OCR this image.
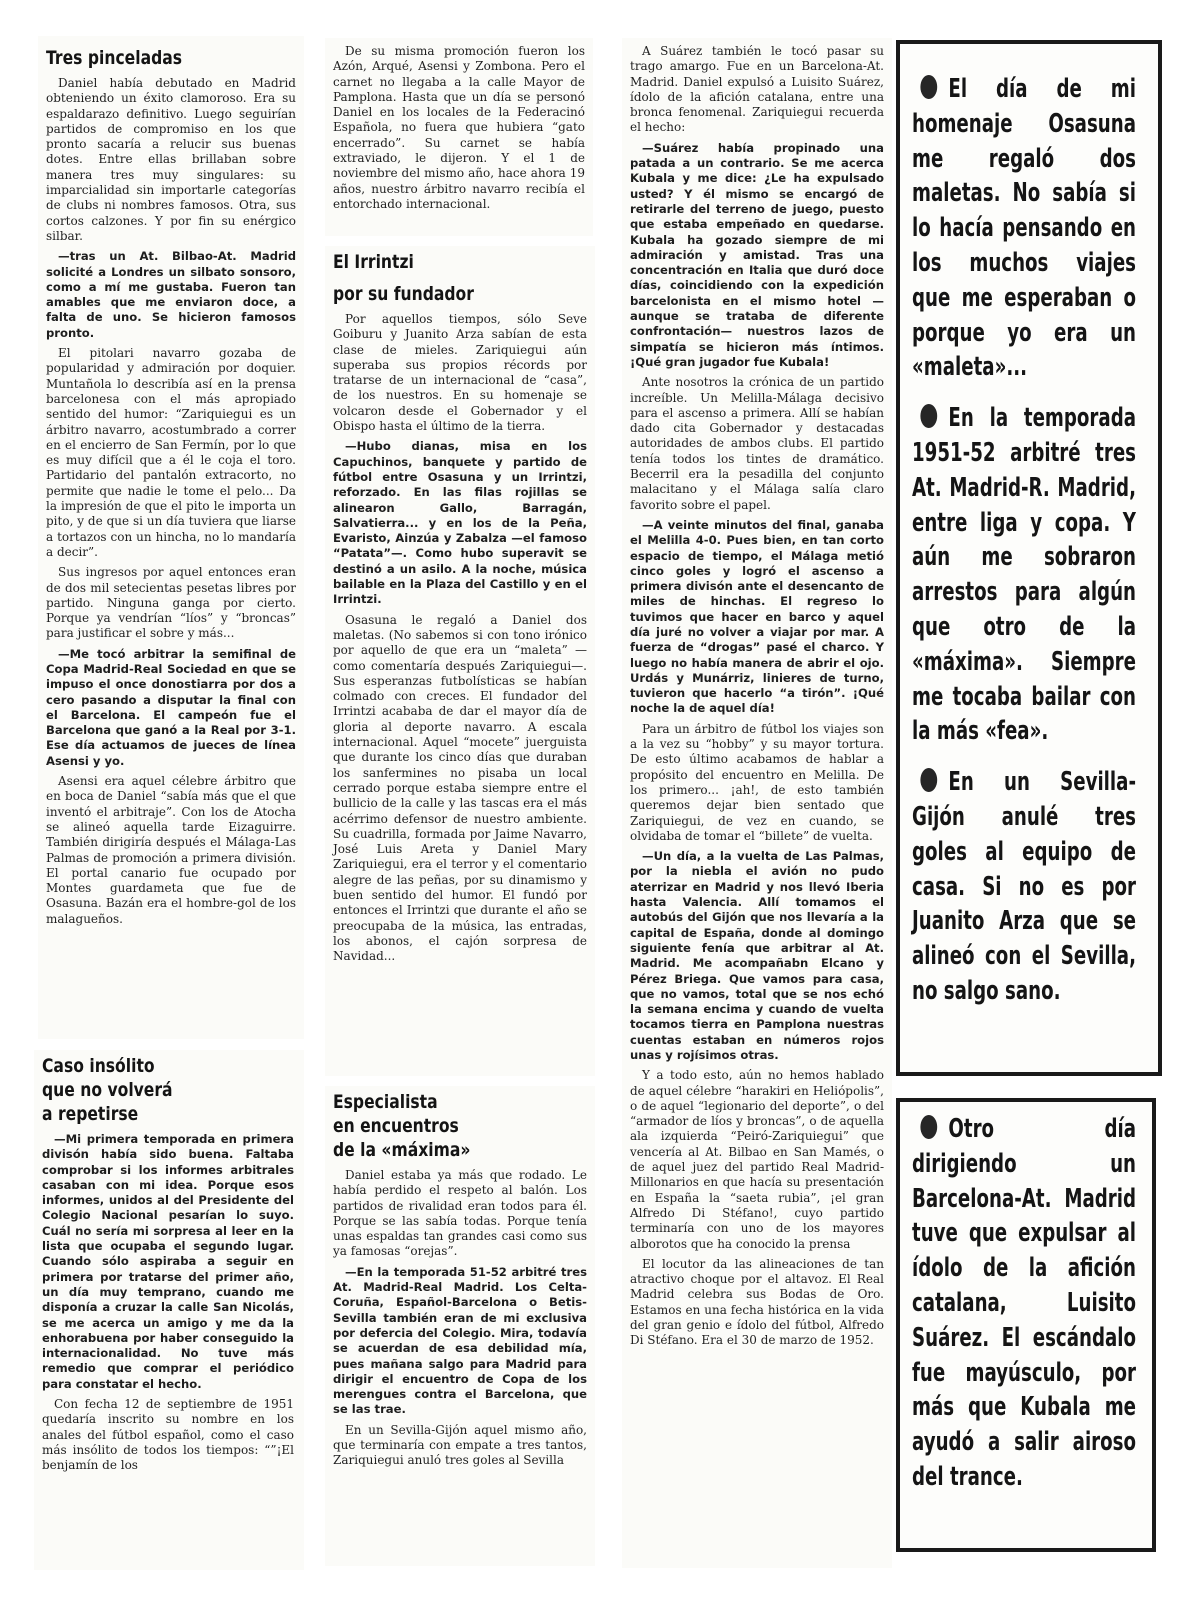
Tres pinceladas

Daniel había debutado en Madrid obteniendo un éxito clamoroso. Era su espaldarazo definitivo. Luego seguirían partidos de compromiso en los que pronto sacaría a relucir sus buenas dotes. Entre ellas brillaban sobre manera tres muy singulares: su imparcialidad sin importarle categorías de clubs ni nombres famosos. Otra, sus cortos calzones. Y por fin su enérgico silbar.

—tras un At. Bilbao-At. Madrid solicité a Londres un silbato sonsoro, como a mí me gustaba. Fueron tan amables que me enviaron doce, a falta de uno. Se hicieron famosos pronto.

El pitolari navarro gozaba de popularidad y admiración por doquier. Muntañola lo describía así en la prensa barcelonesa con el más apropiado sentido del humor: “Zariquiegui es un árbitro navarro, acostumbrado a correr en el encierro de San Fermín, por lo que es muy difícil que a él le coja el toro. Partidario del pantalón extracorto, no permite que nadie le tome el pelo... Da la impresión de que el pito le importa un pito, y de que si un día tuviera que liarse a tortazos con un hincha, no lo mandaría a decir”.

Sus ingresos por aquel entonces eran de dos mil setecientas pesetas libres por partido. Ninguna ganga por cierto. Porque ya vendrían “líos” y “broncas” para justificar el sobre y más...

—Me tocó arbitrar la semifinal de Copa Madrid-Real Sociedad en que se impuso el once donostiarra por dos a cero pasando a disputar la final con el Barcelona. El campeón fue el Barcelona que ganó a la Real por 3-1. Ese día actuamos de jueces de línea Asensi y yo.

Asensi era aquel célebre árbitro que en boca de Daniel “sabía más que el que inventó el arbitraje”. Con los de Atocha se alineó aquella tarde Eizaguirre. También dirigiría después el Málaga-Las Palmas de promoción a primera división. El portal canario fue ocupado por Montes guardameta que fue de Osasuna. Bazán era el hombre-gol de los malagueños.

Caso insólito
que no volverá
a repetirse

—Mi primera temporada en primera divisón había sido buena. Faltaba comprobar si los informes arbitrales casaban con mi idea. Porque esos informes, unidos al del Presidente del Colegio Nacional pesarían lo suyo. Cuál no sería mi sorpresa al leer en la lista que ocupaba el segundo lugar. Cuando sólo aspiraba a seguir en primera por tratarse del primer año, un día muy temprano, cuando me disponía a cruzar la calle San Nicolás, se me acerca un amigo y me da la enhorabuena por haber conseguido la internacionalidad. No tuve más remedio que comprar el periódico para constatar el hecho.

Con fecha 12 de septiembre de 1951 quedaría inscrito su nombre en los anales del fútbol español, como el caso más insólito de todos los tiempos: “”¡El benjamín de los

De su misma promoción fueron los Azón, Arqué, Asensi y Zombona. Pero el carnet no llegaba a la calle Mayor de Pamplona. Hasta que un día se personó Daniel en los locales de la Federacinó Española, no fuera que hubiera “gato encerrado”. Su carnet se había extraviado, le dijeron. Y el 1 de noviembre del mismo año, hace ahora 19 años, nuestro árbitro navarro recibía el entorchado internacional.

El Irrintzi
por su fundador

Por aquellos tiempos, sólo Seve Goiburu y Juanito Arza sabían de esta clase de mieles. Zariquiegui aún superaba sus propios récords por tratarse de un internacional de “casa”, de los nuestros. En su homenaje se volcaron desde el Gobernador y el Obispo hasta el último de la tierra.

—Hubo dianas, misa en los Capuchinos, banquete y partido de fútbol entre Osasuna y un Irrintzi, reforzado. En las filas rojillas se alinearon Gallo, Barragán, Salvatierra... y en los de la Peña, Evaristo, Ainzúa y Zabalza —el famoso “Patata”—. Como hubo superavit se destinó a un asilo. A la noche, música bailable en la Plaza del Castillo y en el Irrintzi.

Osasuna le regaló a Daniel dos maletas. (No sabemos si con tono irónico por aquello de que era un “maleta” —como comentaría después Zariquiegui—. Sus esperanzas futbolísticas se habían colmado con creces. El fundador del Irrintzi acababa de dar el mayor día de gloria al deporte navarro. A escala internacional. Aquel “mocete” juerguista que durante los cinco días que duraban los sanfermines no pisaba un local cerrado porque estaba siempre entre el bullicio de la calle y las tascas era el más acérrimo defensor de nuestro ambiente. Su cuadrilla, formada por Jaime Navarro, José Luis Areta y Daniel Mary Zariquiegui, era el terror y el comentario alegre de las peñas, por su dinamismo y buen sentido del humor. El fundó por entonces el Irrintzi que durante el año se preocupaba de la música, las entradas, los abonos, el cajón sorpresa de Navidad...

Especialista
en encuentros
de la «máxima»

Daniel estaba ya más que rodado. Le había perdido el respeto al balón. Los partidos de rivalidad eran todos para él. Porque se las sabía todas. Porque tenía unas espaldas tan grandes casi como sus ya famosas “orejas”.

—En la temporada 51-52 arbitré tres At. Madrid-Real Madrid. Los Celta-Coruña, Español-Barcelona o Betis-Sevilla también eran de mi exclusiva por defercia del Colegio. Mira, todavía se acuerdan de esa debilidad mía, pues mañana salgo para Madrid para dirigir el encuentro de Copa de los merengues contra el Barcelona, que se las trae.

En un Sevilla-Gijón aquel mismo año, que terminaría con empate a tres tantos, Zariquiegui anuló tres goles al Sevilla

A Suárez también le tocó pasar su trago amargo. Fue en un Barcelona-At. Madrid. Daniel expulsó a Luisito Suárez, ídolo de la afición catalana, entre una bronca fenomenal. Zariquiegui recuerda el hecho:

—Suárez había propinado una patada a un contrario. Se me acerca Kubala y me dice: ¿Le ha expulsado usted? Y él mismo se encargó de retirarle del terreno de juego, puesto que estaba empeñado en quedarse. Kubala ha gozado siempre de mi admiración y amistad. Tras una concentración en Italia que duró doce días, coincidiendo con la expedición barcelonista en el mismo hotel —aunque se trataba de diferente confrontación— nuestros lazos de simpatía se hicieron más íntimos. ¡Qué gran jugador fue Kubala!

Ante nosotros la crónica de un partido increíble. Un Melilla-Málaga decisivo para el ascenso a primera. Allí se habían dado cita Gobernador y destacadas autoridades de ambos clubs. El partido tenía todos los tintes de dramático. Becerril era la pesadilla del conjunto malacitano y el Málaga salía claro favorito sobre el papel.

—A veinte minutos del final, ganaba el Melilla 4-0. Pues bien, en tan corto espacio de tiempo, el Málaga metió cinco goles y logró el ascenso a primera divisón ante el desencanto de miles de hinchas. El regreso lo tuvimos que hacer en barco y aquel día juré no volver a viajar por mar. A fuerza de “drogas” pasé el charco. Y luego no había manera de abrir el ojo. Urdás y Munárriz, linieres de turno, tuvieron que hacerlo “a tirón”. ¡Qué noche la de aquel día!

Para un árbitro de fútbol los viajes son a la vez su “hobby” y su mayor tortura. De esto último acabamos de hablar a propósito del encuentro en Melilla. De los primero... ¡ah!, de esto también queremos dejar bien sentado que Zariquiegui, de vez en cuando, se olvidaba de tomar el “billete” de vuelta.

—Un día, a la vuelta de Las Palmas, por la niebla el avión no pudo aterrizar en Madrid y nos llevó Iberia hasta Valencia. Allí tomamos el autobús del Gijón que nos llevaría a la capital de España, donde al domingo siguiente fenía que arbitrar al At. Madrid. Me acompañabn Elcano y Pérez Briega. Que vamos para casa, que no vamos, total que se nos echó la semana encima y cuando de vuelta tocamos tierra en Pamplona nuestras cuentas estaban en números rojos unas y rojísimos otras.

Y a todo esto, aún no hemos hablado de aquel célebre “harakiri en Heliópolis”, o de aquel “legionario del deporte”, o del “armador de líos y broncas”, o de aquella ala izquierda “Peiró-Zariquiegui” que vencería al At. Bilbao en San Mamés, o de aquel juez del partido Real Madrid-Millonarios en que hacía su presentación en España la “saeta rubia”, ¡el gran Alfredo Di Stéfano!, cuyo partido terminaría con uno de los mayores alborotos que ha conocido la prensa

El locutor da las alineaciones de tan atractivo choque por el altavoz. El Real Madrid celebra sus Bodas de Oro. Estamos en una fecha histórica en la vida del gran genio e ídolo del fútbol, Alfredo Di Stéfano. Era el 30 de marzo de 1952.

El día de mi homenaje Osasuna me regaló dos maletas. No sabía si lo hacía pensando en los muchos viajes que me esperaban o porque yo era un «maleta»...

En la temporada 1951-52 arbitré tres At. Madrid-R. Madrid, entre liga y copa. Y aún me sobraron arrestos para algún que otro de la «máxima». Siempre me tocaba bailar con la más «fea».

En un Sevilla-Gijón anulé tres goles al equipo de casa. Si no es por Juanito Arza que se alineó con el Sevilla, no salgo sano.

Otro día dirigiendo un Barcelona-At. Madrid tuve que expulsar al ídolo de la afición catalana, Luisito Suárez. El escándalo fue mayúsculo, por más que Kubala me ayudó a salir airoso del trance.
